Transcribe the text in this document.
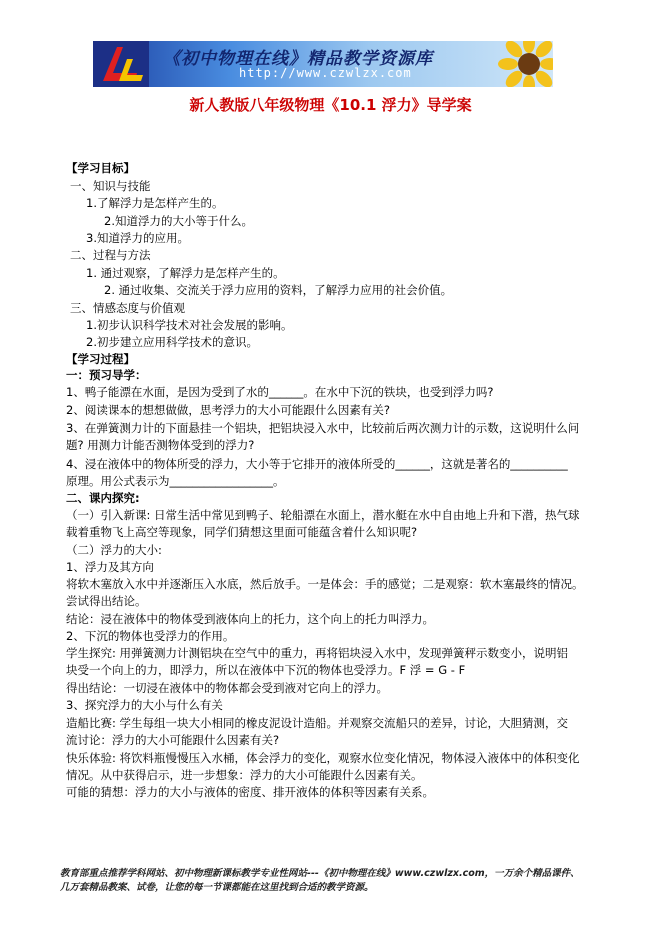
《初中物理在线》精品教学资源库
http://www.czwlzx.com
新人教版八年级物理《10.1 浮力》导学案
【学习目标】
一、知识与技能
1.了解浮力是怎样产生的。
2.知道浮力的大小等于什么。
3.知道浮力的应用。
二、过程与方法
1. 通过观察，了解浮力是怎样产生的。
2. 通过收集、交流关于浮力应用的资料，了解浮力应用的社会价值。
三、情感态度与价值观
1.初步认识科学技术对社会发展的影响。
2.初步建立应用科学技术的意识。
【学习过程】
一：预习导学：
1、鸭子能漂在水面，是因为受到了水的______。在水中下沉的铁块，也受到浮力吗?
2、阅读课本的想想做做，思考浮力的大小可能跟什么因素有关?
3、在弹簧测力计的下面悬挂一个铝块，把铝块浸入水中，比较前后两次测力计的示数，这说明什么问
题? 用测力计能否测物体受到的浮力?
4、浸在液体中的物体所受的浮力，大小等于它排开的液体所受的______，这就是著名的__________
原理。用公式表示为__________________。
二、课内探究:
（一）引入新课: 日常生活中常见到鸭子、轮船漂在水面上，潜水艇在水中自由地上升和下潜，热气球
载着重物飞上高空等现象，同学们猜想这里面可能蕴含着什么知识呢?
（二）浮力的大小:
1、浮力及其方向
将软木塞放入水中并逐渐压入水底，然后放手。一是体会：手的感觉；二是观察：软木塞最终的情况。
尝试得出结论。
结论：浸在液体中的物体受到液体向上的托力，这个向上的托力叫浮力。
2、下沉的物体也受浮力的作用。
学生探究: 用弹簧测力计测铝块在空气中的重力，再将铝块浸入水中，发现弹簧秤示数变小，说明铝
块受一个向上的力，即浮力，所以在液体中下沉的物体也受浮力。F 浮 = G - F
得出结论：一切浸在液体中的物体都会受到液对它向上的浮力。
3、探究浮力的大小与什么有关
造船比赛: 学生每组一块大小相同的橡皮泥设计造船。并观察交流船只的差异，讨论，大胆猜测，交
流讨论：浮力的大小可能跟什么因素有关?
快乐体验: 将饮料瓶慢慢压入水桶，体会浮力的变化，观察水位变化情况，物体浸入液体中的体积变化
情况。从中获得启示，进一步想象：浮力的大小可能跟什么因素有关。
可能的猜想：浮力的大小与液体的密度、排开液体的体积等因素有关系。
教育部重点推荐学科网站、初中物理新课标教学专业性网站---《初中物理在线》www.czwlzx.com，一万余个精品课件、
几万套精品教案、试卷，让您的每一节课都能在这里找到合适的教学资源。
